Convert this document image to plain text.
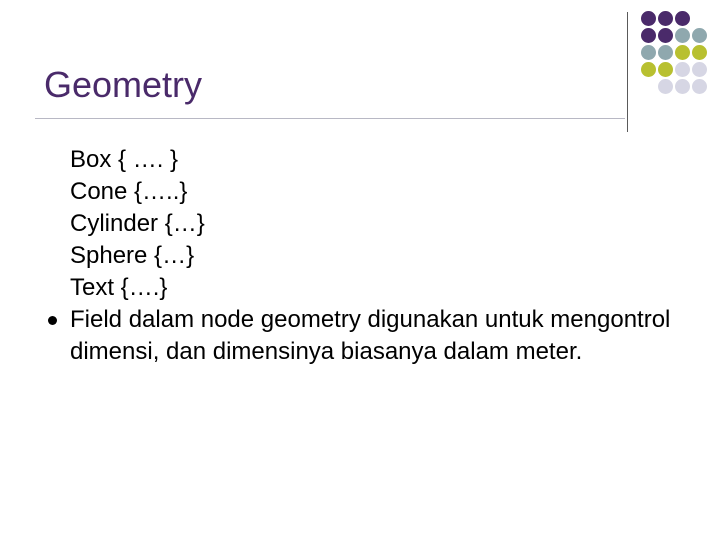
Geometry
Box { …. }
Cone {…..}
Cylinder {…}
Sphere {…}
Text {….}
Field dalam node geometry digunakan untuk mengontrol dimensi, dan dimensinya biasanya dalam meter.
